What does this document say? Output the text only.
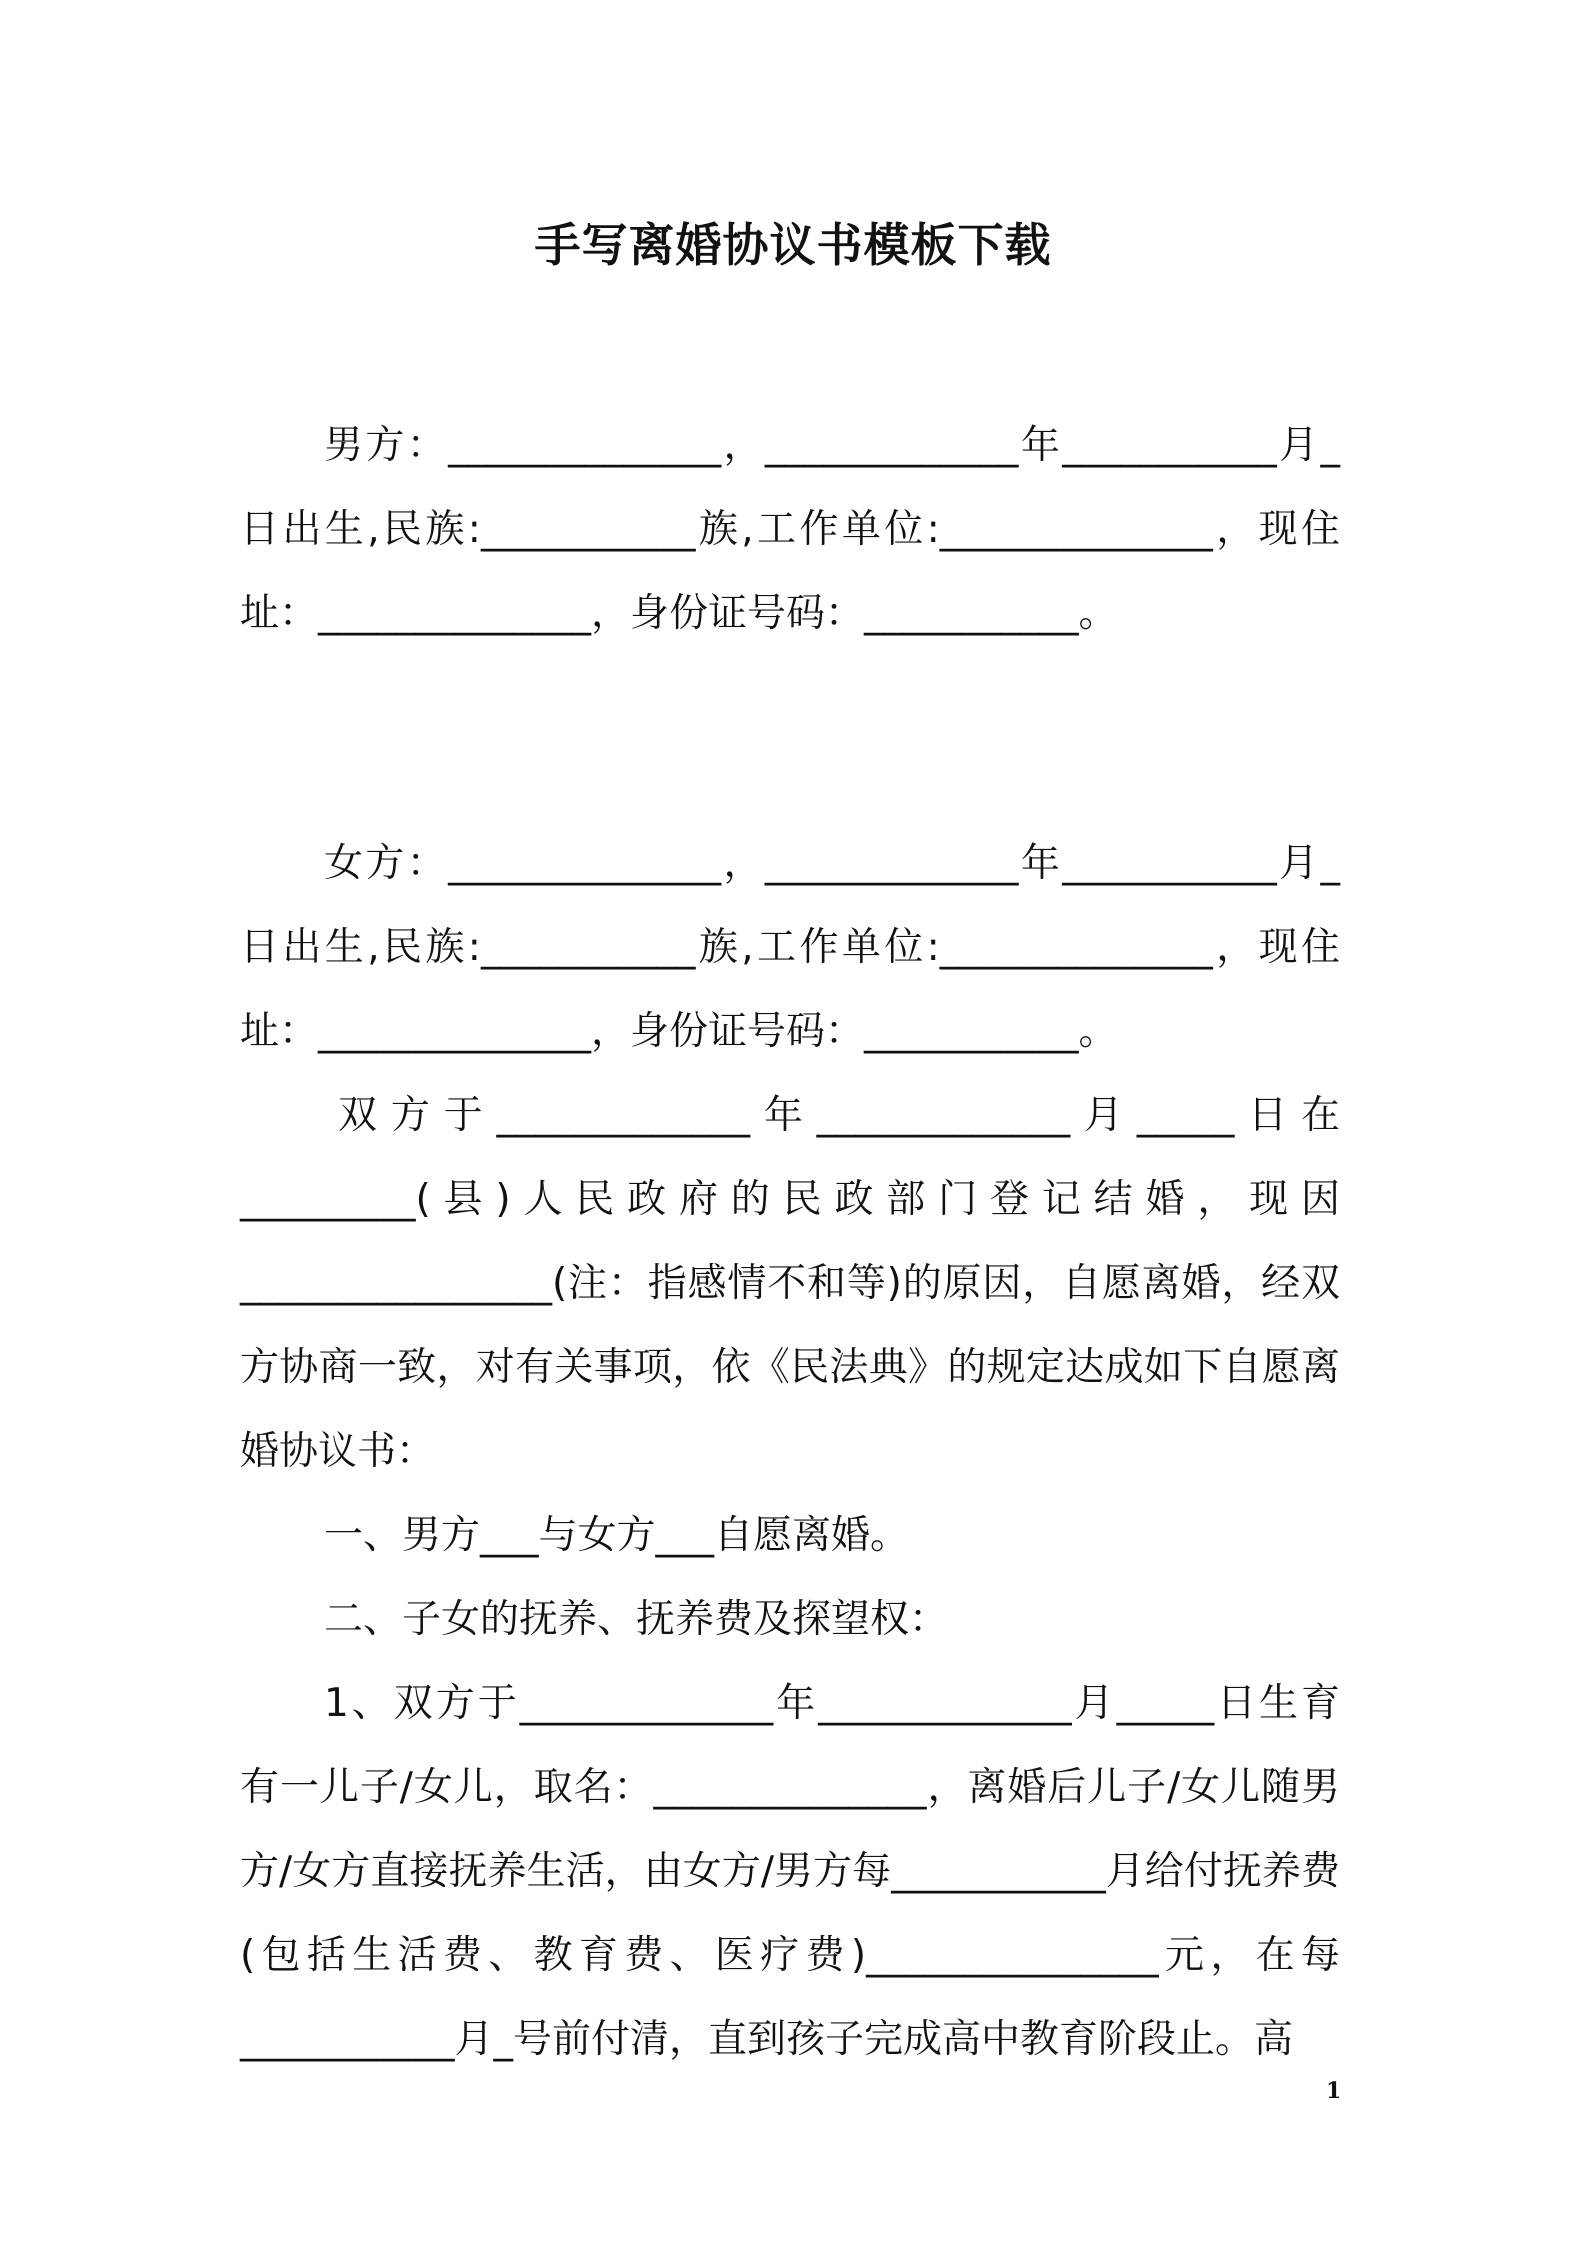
手写离婚协议书模板下载

男方：______________，_____________年___________月_日出生,民族:___________族,工作单位:______________，现住址：______________，身份证号码：___________。

女方：______________，_____________年___________月_日出生,民族:___________族,工作单位:______________，现住址：______________，身份证号码：___________。

双方于_____________年_____________月_____日在_________(县)人民政府的民政部门登记结婚，现因________________(注：指感情不和等)的原因，自愿离婚，经双方协商一致，对有关事项，依《民法典》的规定达成如下自愿离婚协议书：

一、男方___与女方___自愿离婚。

二、子女的抚养、抚养费及探望权：

1、双方于_____________年_____________月_____日生育有一儿子/女儿，取名：______________，离婚后儿子/女儿随男方/女方直接抚养生活，由女方/男方每___________月给付抚养费(包括生活费、教育费、医疗费)_______________元，在每___________月_号前付清，直到孩子完成高中教育阶段止。高

1
